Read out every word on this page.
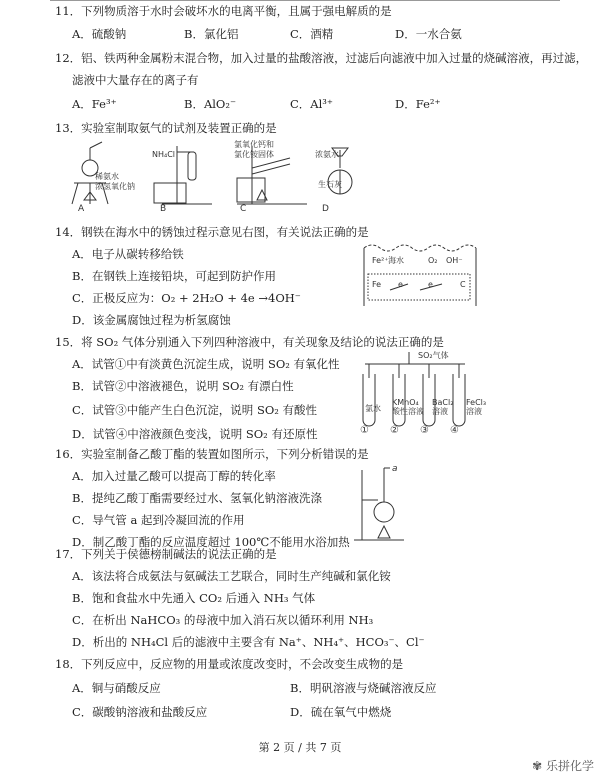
11．下列物质溶于水时会破坏水的电离平衡，且属于强电解质的是
A．硫酸钠	B．氯化铝	C．酒精	D．一水合氨
12．铝、铁两种金属粉末混合物，加入过量的盐酸溶液，过滤后向滤液中加入过量的烧碱溶液，再过滤，
滤液中大量存在的离子有
A．Fe³⁺	B．AlO₂⁻	C．Al³⁺	D．Fe²⁺
13．实验室制取氨气的试剂及装置正确的是
稀氨水
浓氢氧化钠
NH₄Cl
氯氧化钙和
氯化铵固体	浓氨水
生石灰
A	B	C	D
14．钢铁在海水中的锈蚀过程示意见右图，有关说法正确的是
A．电子从碳转移给铁
B．在钢铁上连接铅块，可起到防护作用
C．正极反应为：O₂ + 2H₂O + 4e →4OH⁻
D．该金属腐蚀过程为析氢腐蚀
Fe²⁺ 海水	O₂ OH⁻
Fe e	e	C
15．将 SO₂ 气体分别通入下列四种溶液中，有关现象及结论的说法正确的是
A．试管①中有淡黄色沉淀生成，说明 SO₂ 有氧化性
B．试管②中溶液褪色，说明 SO₂ 有漂白性
C．试管③中能产生白色沉淀，说明 SO₂ 有酸性
D．试管④中溶液颜色变浅，说明 SO₂ 有还原性
SO₂气体
氯水
KMnO₄
酸性溶液
BaCl₂
溶液
FeCl₃
溶液
① ② ③ ④
16．实验室制备乙酸丁酯的装置如图所示，下列分析错误的是
A．加入过量乙酸可以提高丁醇的转化率
B．提纯乙酸丁酯需要经过水、氢氧化钠溶液洗涤
C．导气管 a 起到冷凝回流的作用
D．制乙酸丁酯的反应温度超过 100℃不能用水浴加热
a
17．下列关于侯德榜制碱法的说法正确的是
A．该法将合成氨法与氨碱法工艺联合，同时生产纯碱和氯化铵
B．饱和食盐水中先通入 CO₂ 后通入 NH₃ 气体
C．在析出 NaHCO₃ 的母液中加入消石灰以循环利用 NH₃
D．析出的 NH₄Cl 后的滤液中主要含有 Na⁺、NH₄⁺、HCO₃⁻、Cl⁻
18．下列反应中，反应物的用量或浓度改变时，不会改变生成物的是
A．铜与硝酸反应	B．明矾溶液与烧碱溶液反应
C．碳酸钠溶液和盐酸反应	D．硫在氧气中燃烧
第 2 页 / 共 7 页
✾ 乐拼化学
